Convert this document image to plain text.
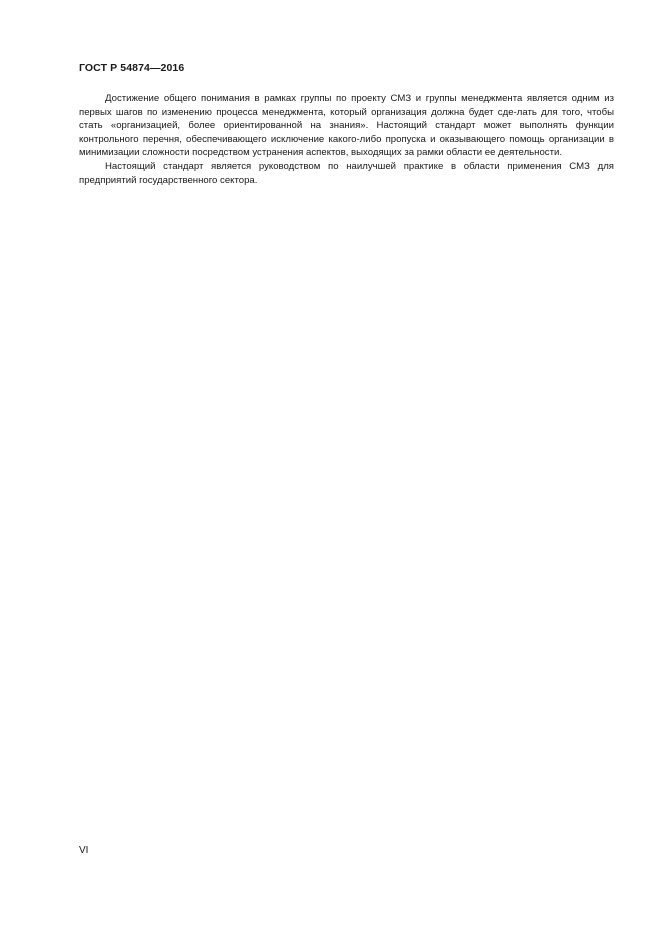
ГОСТ Р 54874—2016

Достижение общего понимания в рамках группы по проекту СМЗ и группы менеджмента является одним из первых шагов по изменению процесса менеджмента, который организация должна будет сде-лать для того, чтобы стать «организацией, более ориентированной на знания». Настоящий стандарт может выполнять функции контрольного перечня, обеспечивающего исключение какого-либо пропуска и оказывающего помощь организации в минимизации сложности посредством устранения аспектов, выходящих за рамки области ее деятельности.

Настоящий стандарт является руководством по наилучшей практике в области применения СМЗ для предприятий государственного сектора.

VI
